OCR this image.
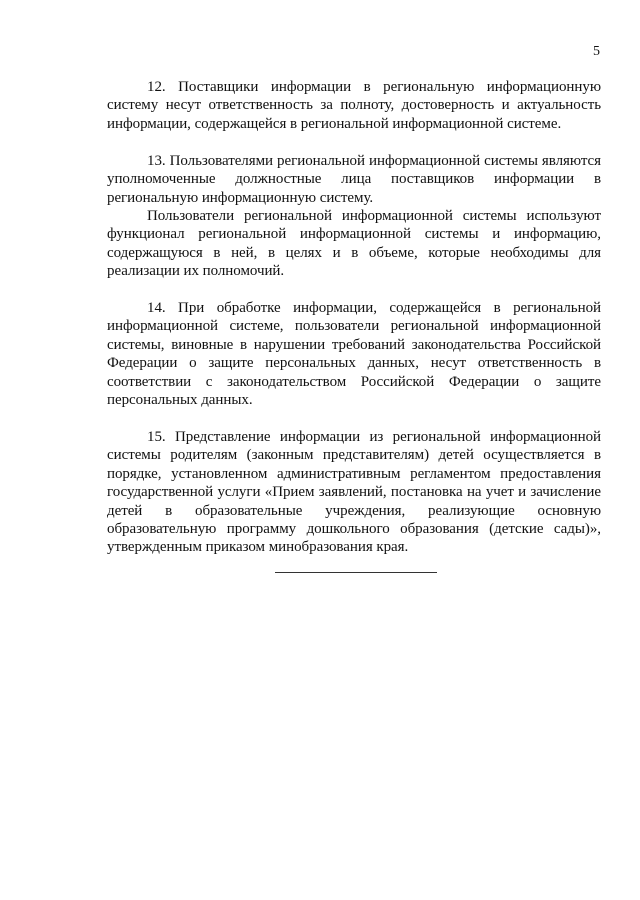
5

12. Поставщики информации в региональную информационную систему несут ответственность за полноту, достоверность и актуальность информации, содержащейся в региональной информационной системе.

13. Пользователями региональной информационной системы являются уполномоченные должностные лица поставщиков информации в региональную информационную систему.

Пользователи региональной информационной системы используют функционал региональной информационной системы и информацию, содержащуюся в ней, в целях и в объеме, которые необходимы для реализации их полномочий.

14. При обработке информации, содержащейся в региональной информационной системе, пользователи региональной информационной системы, виновные в нарушении требований законодательства Российской Федерации о защите персональных данных, несут ответственность в соответствии с законодательством Российской Федерации о защите персональных данных.

15. Представление информации из региональной информационной системы родителям (законным представителям) детей осуществляется в порядке, установленном административным регламентом предоставления государственной услуги «Прием заявлений, постановка на учет и зачисление детей в образовательные учреждения, реализующие основную образовательную программу дошкольного образования (детские сады)», утвержденным приказом минобразования края.
